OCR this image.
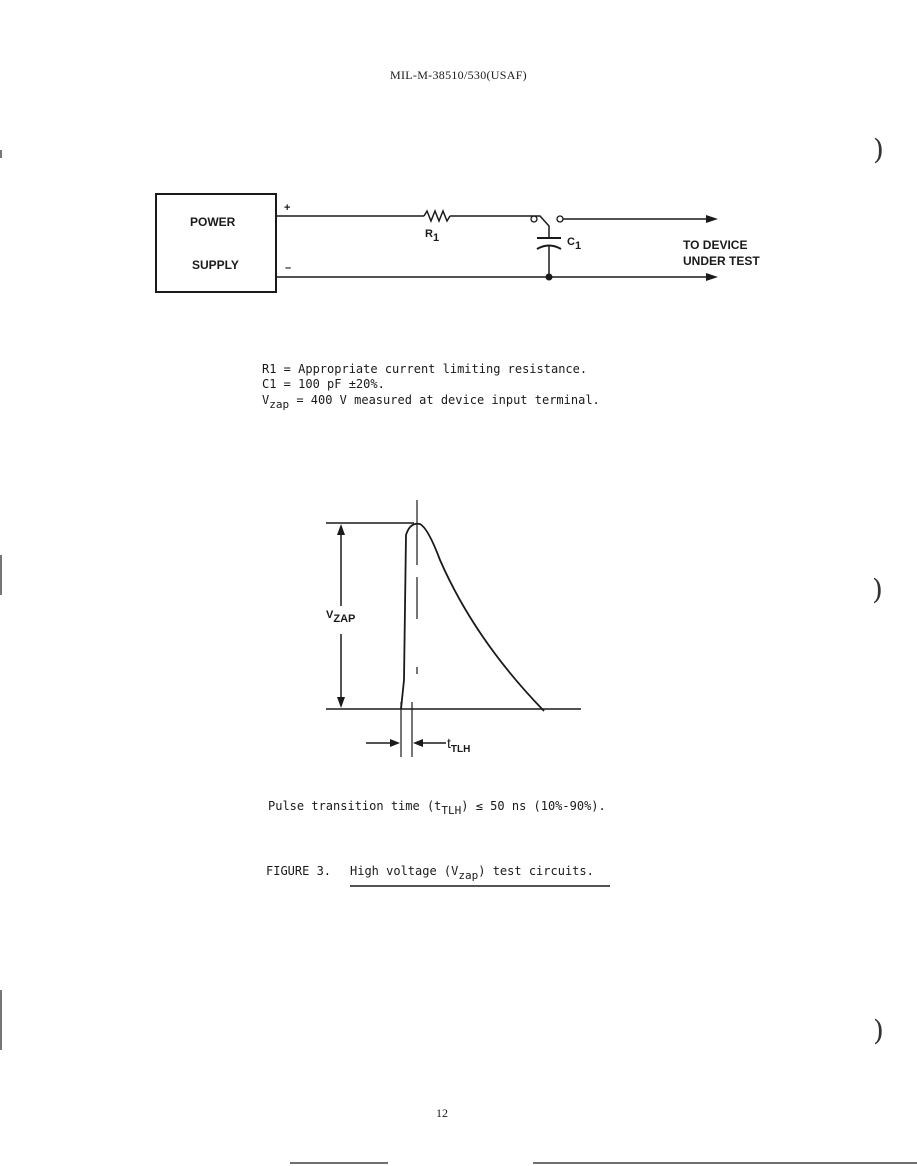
MIL-M-38510/530(USAF)
POWER
SUPPLY
+
–
$R_1$	$C_1$	TO DEVICE
UNDER TEST
R1 = Appropriate current limiting resistance.
C1 = 100 pF ±20%.
$V_{zap} = 400$ V measured at device input terminal.
$V_{ZAP}$
$t_{TLH}$
Pulse transition time $(t_{TLH}) \le 50$ ns (10%-90%).
FIGURE 3. High voltage $(V_{zap})$ test circuits.
12
)
)
)
